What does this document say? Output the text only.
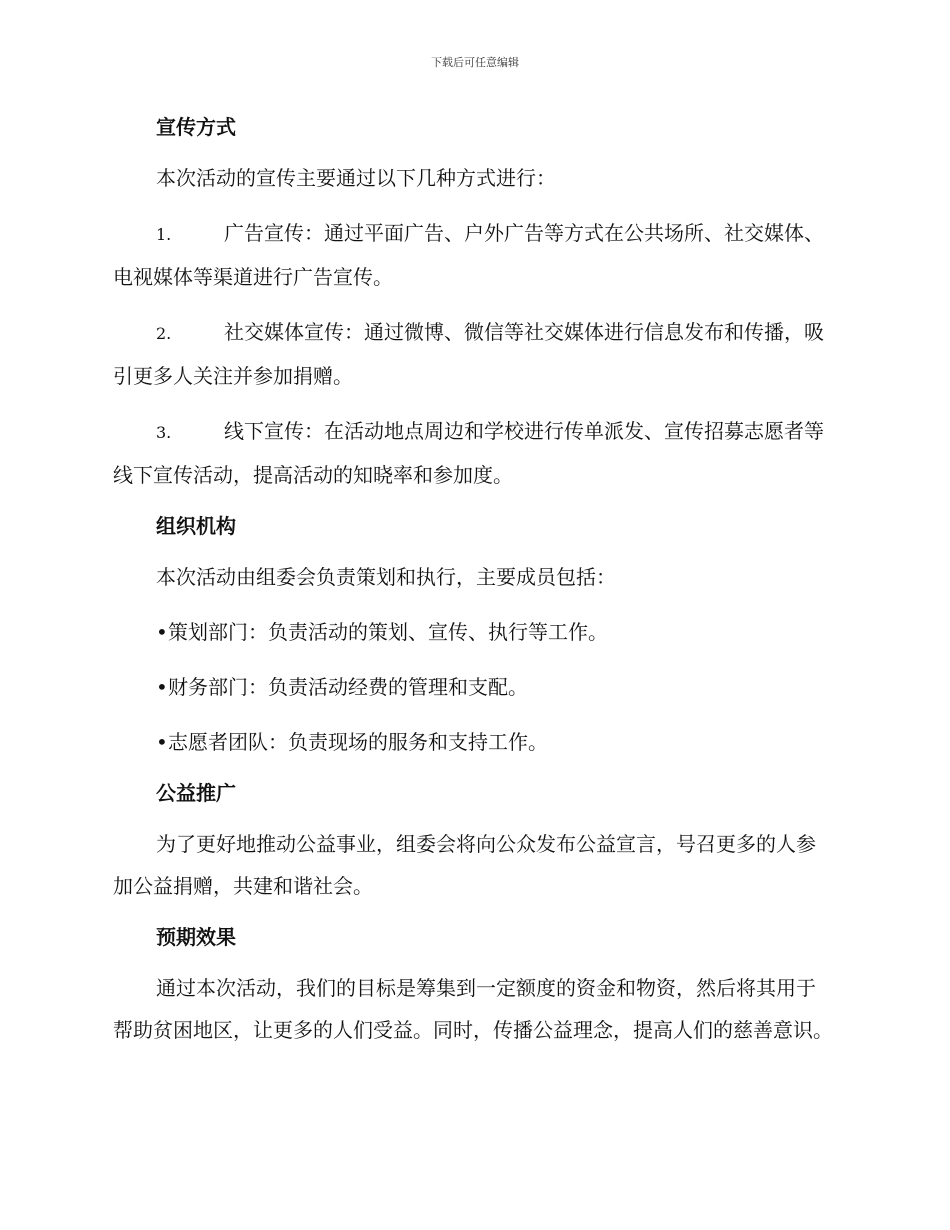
下载后可任意编辑
宣传方式

本次活动的宣传主要通过以下几种方式进行：

1.	广告宣传：通过平面广告、户外广告等方式在公共场所、社交媒体、电视媒体等渠道进行广告宣传。

2.	社交媒体宣传：通过微博、微信等社交媒体进行信息发布和传播，吸引更多人关注并参加捐赠。

3.	线下宣传：在活动地点周边和学校进行传单派发、宣传招募志愿者等线下宣传活动，提高活动的知晓率和参加度。

组织机构

本次活动由组委会负责策划和执行，主要成员包括：

•策划部门：负责活动的策划、宣传、执行等工作。

•财务部门：负责活动经费的管理和支配。

•志愿者团队：负责现场的服务和支持工作。

公益推广

为了更好地推动公益事业，组委会将向公众发布公益宣言，号召更多的人参加公益捐赠，共建和谐社会。

预期效果

通过本次活动，我们的目标是筹集到一定额度的资金和物资，然后将其用于帮助贫困地区，让更多的人们受益。同时，传播公益理念，提高人们的慈善意识。
